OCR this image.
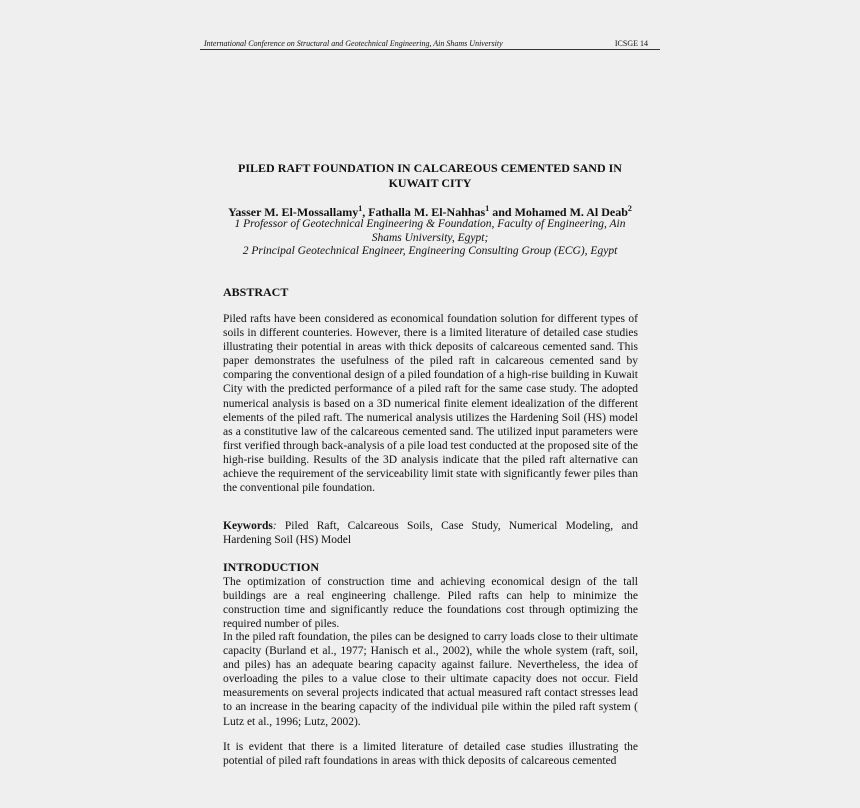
International Conference on Structural and Geotechnical Engineering, Ain Shams University	ICSGE 14
PILED RAFT FOUNDATION IN CALCAREOUS CEMENTED SAND IN
KUWAIT CITY
Yasser M. El-Mossallamy$^1$, Fathalla M. El-Nahhas$^1$ and Mohamed M. Al Deab$^2$
1 Professor of Geotechnical Engineering & Foundation, Faculty of Engineering, Ain
Shams University, Egypt;
2 Principal Geotechnical Engineer, Engineering Consulting Group (ECG), Egypt
ABSTRACT
Piled rafts have been considered as economical foundation solution for different types of soils in different counteries. However, there is a limited literature of detailed case studies illustrating their potential in areas with thick deposits of calcareous cemented sand. This paper demonstrates the usefulness of the piled raft in calcareous cemented sand by comparing the conventional design of a piled foundation of a high-rise building in Kuwait City with the predicted performance of a piled raft for the same case study. The adopted numerical analysis is based on a 3D numerical finite element idealization of the different elements of the piled raft. The numerical analysis utilizes the Hardening Soil (HS) model as a constitutive law of the calcareous cemented sand. The utilized input parameters were first verified through back-analysis of a pile load test conducted at the proposed site of the high-rise building. Results of the 3D analysis indicate that the piled raft alternative can achieve the requirement of the serviceability limit state with significantly fewer piles than the conventional pile foundation.
Keywords: Piled Raft, Calcareous Soils, Case Study, Numerical Modeling, and Hardening Soil (HS) Model
INTRODUCTION
The optimization of construction time and achieving economical design of the tall buildings are a real engineering challenge. Piled rafts can help to minimize the construction time and significantly reduce the foundations cost through optimizing the required number of piles.
In the piled raft foundation, the piles can be designed to carry loads close to their ultimate capacity (Burland et al., 1977; Hanisch et al., 2002), while the whole system (raft, soil, and piles) has an adequate bearing capacity against failure. Nevertheless, the idea of overloading the piles to a value close to their ultimate capacity does not occur. Field measurements on several projects indicated that actual measured raft contact stresses lead to an increase in the bearing capacity of the individual pile within the piled raft system ( Lutz et al., 1996; Lutz, 2002).
It is evident that there is a limited literature of detailed case studies illustrating the potential of piled raft foundations in areas with thick deposits of calcareous cemented
